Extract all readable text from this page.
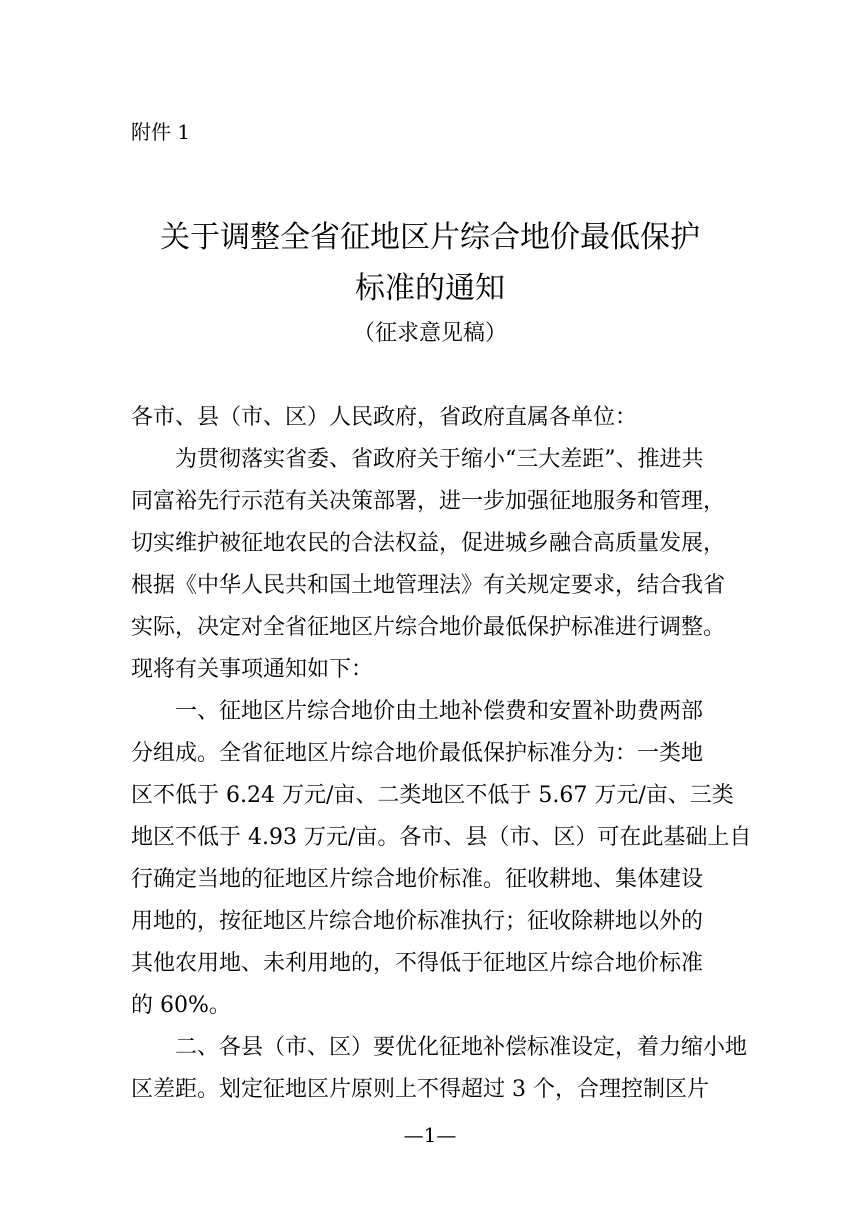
附件 1
关于调整全省征地区片综合地价最低保护
标准的通知
（征求意见稿）
各市、县（市、区）人民政府，省政府直属各单位：
为贯彻落实省委、省政府关于缩小“三大差距”、推进共
同富裕先行示范有关决策部署，进一步加强征地服务和管理，
切实维护被征地农民的合法权益，促进城乡融合高质量发展，
根据《中华人民共和国土地管理法》有关规定要求，结合我省
实际，决定对全省征地区片综合地价最低保护标准进行调整。
现将有关事项通知如下：
一、征地区片综合地价由土地补偿费和安置补助费两部
分组成。全省征地区片综合地价最低保护标准分为：一类地
区不低于 6.24 万元/亩、二类地区不低于 5.67 万元/亩、三类
地区不低于 4.93 万元/亩。各市、县（市、区）可在此基础上自
行确定当地的征地区片综合地价标准。征收耕地、集体建设
用地的，按征地区片综合地价标准执行；征收除耕地以外的
其他农用地、未利用地的，不得低于征地区片综合地价标准
的 60%。
二、各县（市、区）要优化征地补偿标准设定，着力缩小地
区差距。划定征地区片原则上不得超过 3 个，合理控制区片
—1—
